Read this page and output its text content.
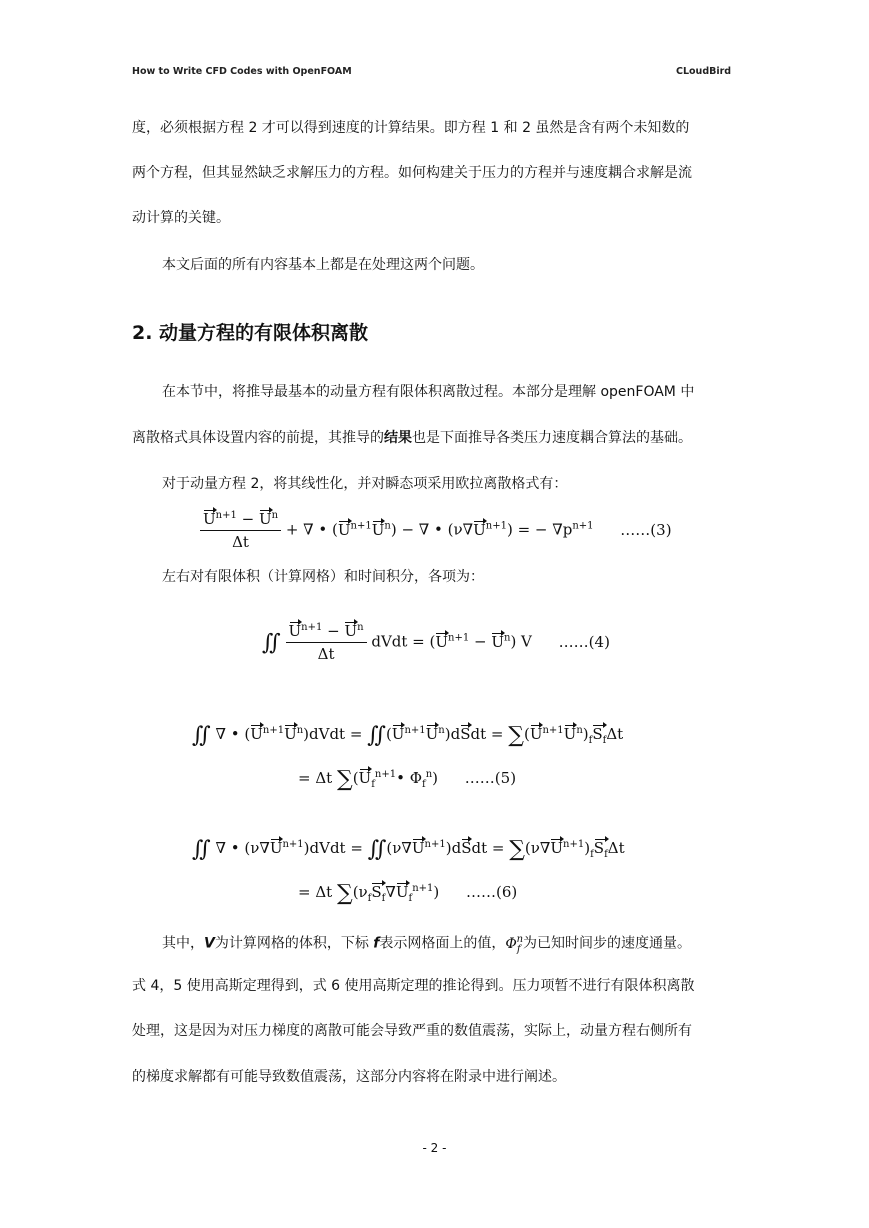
How to Write CFD Codes with OpenFOAM	CLoudBird
度，必须根据方程 2 才可以得到速度的计算结果。即方程 1 和 2 虽然是含有两个未知数的
两个方程，但其显然缺乏求解压力的方程。如何构建关于压力的方程并与速度耦合求解是流
动计算的关键。
本文后面的所有内容基本上都是在处理这两个问题。
2. 动量方程的有限体积离散
在本节中，将推导最基本的动量方程有限体积离散过程。本部分是理解 openFOAM 中
离散格式具体设置内容的前提，其推导的结果也是下面推导各类压力速度耦合算法的基础。
对于动量方程 2，将其线性化，并对瞬态项采用欧拉离散格式有：
$\frac{U^{n+1} - U^n}{\Delta t}$ + ∇ • $(U^{n+1}U^n)$ − ∇ • $(\nu\nabla U^{n+1})$ = − $\nabla p^{n+1}$ ……(3)
左右对有限体积（计算网格）和时间积分，各项为：
∬ $\frac{U^{n+1} - U^n}{\Delta t}$ dVdt = $(U^{n+1} - U^n)$ V ……(4)
∬ ∇ • $(U^{n+1}U^n)dVdt$ = $∬(U^{n+1}U^n)dSdt = \sum(U^{n+1}U^n)_fS_f\Delta t$
= Δt $\sum(U_f^{n+1}•$ $\Phi_f^n$) ……(5)
∬ ∇ • $(\nu\nabla U^{n+1})dVdt$ = $∬(\nu\nabla U^{n+1})dSdt = \sum(\nu\nabla U^{n+1})_fS_f\Delta t$
= Δt $\sum(\nu_fS_f\nabla U_f^{n+1})$ ……(6)
其中，V为计算网格的体积，下标 f表示网格面上的值，$\Phi_f^n$为已知时间步的速度通量。
式 4，5 使用高斯定理得到，式 6 使用高斯定理的推论得到。压力项暂不进行有限体积离散
处理，这是因为对压力梯度的离散可能会导致严重的数值震荡，实际上，动量方程右侧所有
的梯度求解都有可能导致数值震荡，这部分内容将在附录中进行阐述。
- 2 -
